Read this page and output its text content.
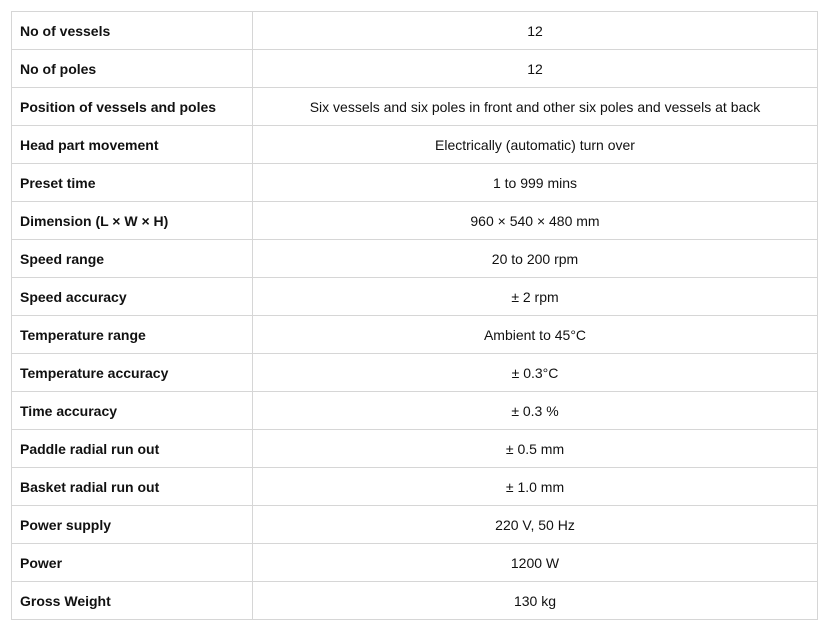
No of vessels	12
No of poles	12
Position of vessels and poles	Six vessels and six poles in front and other six poles and vessels at back
Head part movement	Electrically (automatic) turn over
Preset time	1 to 999 mins
Dimension (L × W × H)	960 × 540 × 480 mm
Speed range	20 to 200 rpm
Speed accuracy	± 2 rpm
Temperature range	Ambient to 45°C
Temperature accuracy	± 0.3°C
Time accuracy	± 0.3 %
Paddle radial run out	± 0.5 mm
Basket radial run out	± 1.0 mm
Power supply	220 V, 50 Hz
Power	1200 W
Gross Weight	130 kg
